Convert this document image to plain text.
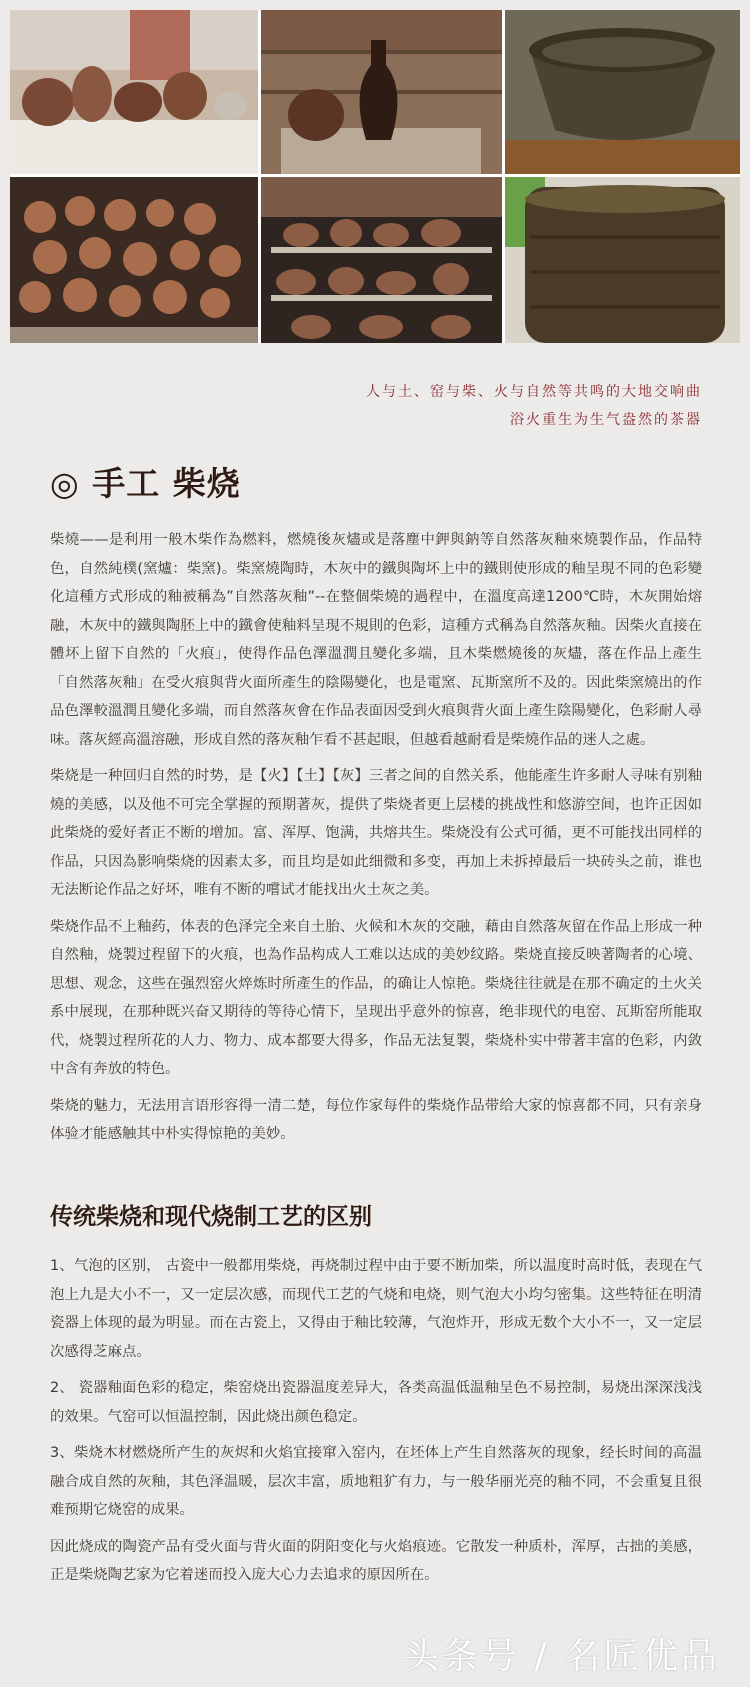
人与土、窑与柴、火与自然等共鸣的大地交响曲
浴火重生为生气盎然的茶器
◎ 手工 柴烧

柴燒——是利用一般木柴作為燃料，燃燒後灰燼或是落塵中鉀與鈉等自然落灰釉來燒製作品，作品特色，自然純樸(窯爐：柴窯)。柴窯燒陶時，木灰中的鐵與陶坏上中的鐵則使形成的釉呈現不同的色彩變化這種方式形成的釉被稱為”自然落灰釉”--在整個柴燒的過程中，在溫度高達1200℃時，木灰開始熔融，木灰中的鐵與陶胚上中的鐵會使釉料呈現不規則的色彩，這種方式稱為自然落灰釉。因柴火直接在體坏上留下自然的「火痕」，使得作品色澤溫潤且變化多端，且木柴燃燒後的灰燼，落在作品上產生「自然落灰釉」在受火痕與背火面所產生的陰陽變化，也是電窯、瓦斯窯所不及的。因此柴窯燒出的作品色澤較溫潤且變化多端，而自然落灰會在作品表面因受到火痕與背火面上產生陰陽變化，色彩耐人尋味。落灰經高溫溶融，形成自然的落灰釉乍看不甚起眼，但越看越耐看是柴燒作品的迷人之處。

柴烧是一种回归自然的时势，是【火】【土】【灰】三者之间的自然关系，他能產生许多耐人寻味有别釉燒的美感，以及他不可完全掌握的预期著灰，提供了柴烧者更上层楼的挑战性和悠游空间，也许正因如此柴烧的爱好者正不断的增加。富、浑厚、饱满，共熔共生。柴烧没有公式可循，更不可能找出同样的作品，只因為影响柴烧的因素太多，而且均是如此细微和多变，再加上未拆掉最后一块砖头之前，谁也无法断论作品之好坏，唯有不断的嚐试才能找出火土灰之美。

柴烧作品不上釉药，体表的色泽完全来自土胎、火候和木灰的交融，藉由自然落灰留在作品上形成一种自然釉，烧製过程留下的火痕，也為作品构成人工难以达成的美妙纹路。柴烧直接反映著陶者的心境、思想、观念，这些在强烈窑火焠炼时所產生的作品，的确让人惊艳。柴烧往往就是在那不确定的土火关系中展现，在那种既兴奋又期待的等待心情下，呈现出乎意外的惊喜，绝非现代的电窑、瓦斯窑所能取代，烧製过程所花的人力、物力、成本都要大得多，作品无法复製，柴烧朴实中带著丰富的色彩，内敛中含有奔放的特色。

柴烧的魅力，无法用言语形容得一清二楚，每位作家每件的柴烧作品带给大家的惊喜都不同，只有亲身体验才能感触其中朴实得惊艳的美妙。

传统柴烧和现代烧制工艺的区别

1、气泡的区别， 古瓷中一般都用柴烧，再烧制过程中由于要不断加柴，所以温度时高时低，表现在气泡上九是大小不一，又一定层次感，而现代工艺的气烧和电烧，则气泡大小均匀密集。这些特征在明清瓷器上体现的最为明显。而在古瓷上，又得由于釉比较薄，气泡炸开，形成无数个大小不一，又一定层次感得芝麻点。

2、 瓷器釉面色彩的稳定，柴窑烧出瓷器温度差异大，各类高温低温釉呈色不易控制，易烧出深深浅浅的效果。气窑可以恒温控制，因此烧出颜色稳定。

3、柴烧木材燃烧所产生的灰烬和火焰宜接窜入窑内，在坯体上产生自然落灰的现象，经长时间的高温融合成自然的灰釉，其色泽温暖，层次丰富，质地粗犷有力，与一般华丽光亮的釉不同，不会重复且很难预期它烧窑的成果。

因此烧成的陶瓷产品有受火面与背火面的阴阳变化与火焰痕迹。它散发一种质朴，浑厚，古拙的美感，正是柴烧陶艺家为它着迷而投入庞大心力去追求的原因所在。

头条号 / 名匠优品
